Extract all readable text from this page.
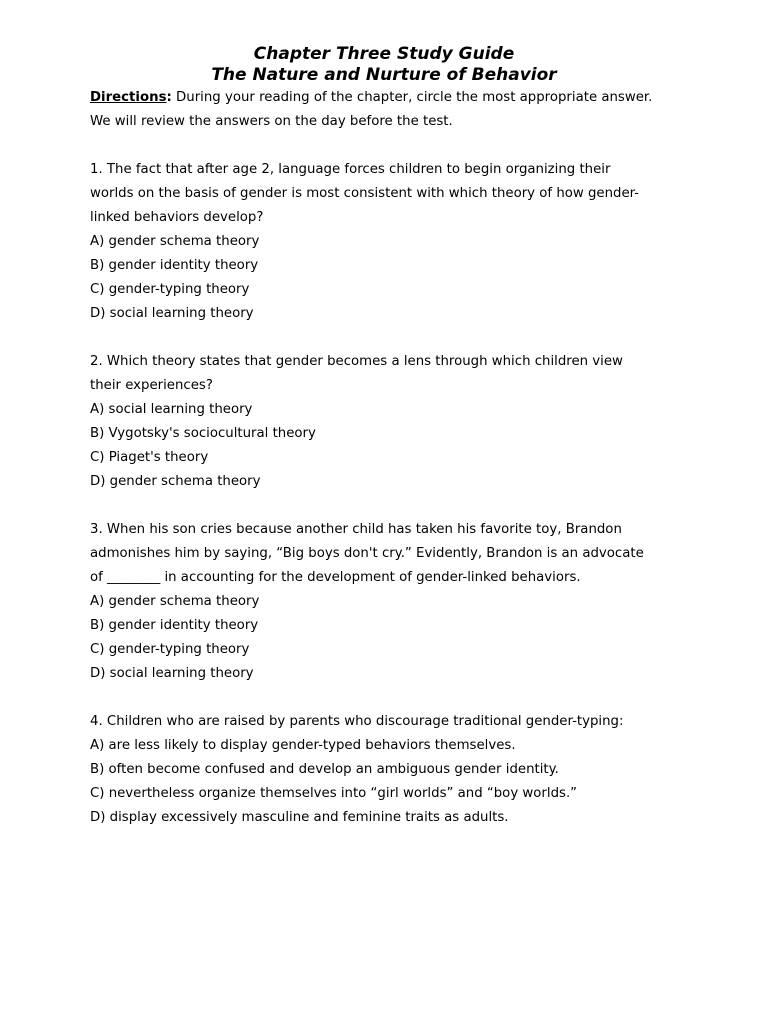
Chapter Three Study Guide
The Nature and Nurture of Behavior
Directions: During your reading of the chapter, circle the most appropriate answer.
We will review the answers on the day before the test.
1. The fact that after age 2, language forces children to begin organizing their
worlds on the basis of gender is most consistent with which theory of how gender-
linked behaviors develop?
A) gender schema theory
B) gender identity theory
C) gender-typing theory
D) social learning theory
2. Which theory states that gender becomes a lens through which children view
their experiences?
A) social learning theory
B) Vygotsky's sociocultural theory
C) Piaget's theory
D) gender schema theory
3. When his son cries because another child has taken his favorite toy, Brandon
admonishes him by saying, “Big boys don't cry.” Evidently, Brandon is an advocate
of ________ in accounting for the development of gender-linked behaviors.
A) gender schema theory
B) gender identity theory
C) gender-typing theory
D) social learning theory
4. Children who are raised by parents who discourage traditional gender-typing:
A) are less likely to display gender-typed behaviors themselves.
B) often become confused and develop an ambiguous gender identity.
C) nevertheless organize themselves into “girl worlds” and “boy worlds.”
D) display excessively masculine and feminine traits as adults.
